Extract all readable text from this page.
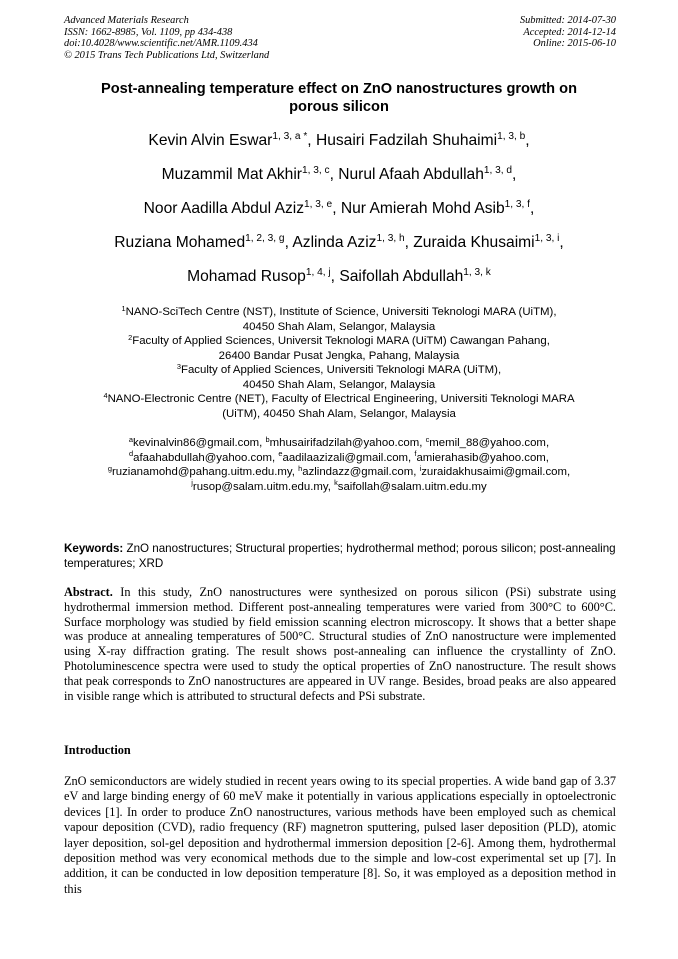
Advanced Materials Research
ISSN: 1662-8985, Vol. 1109, pp 434-438
doi:10.4028/www.scientific.net/AMR.1109.434
© 2015 Trans Tech Publications Ltd, Switzerland
Submitted: 2014-07-30
Accepted: 2014-12-14
Online: 2015-06-10
Post-annealing temperature effect on ZnO nanostructures growth on
porous silicon
Kevin Alvin Eswar$^{1, 3, a *}$, Husairi Fadzilah Shuhaimi$^{1, 3, b}$,
Muzammil Mat Akhir$^{1, 3, c}$, Nurul Afaah Abdullah$^{1, 3, d}$,
Noor Aadilla Abdul Aziz$^{1, 3, e}$, Nur Amierah Mohd Asib$^{1, 3, f}$,
Ruziana Mohamed$^{1, 2, 3, g}$, Azlinda Aziz$^{1, 3, h}$, Zuraida Khusaimi$^{1, 3, i}$,
Mohamad Rusop$^{1, 4, j}$, Saifollah Abdullah$^{1, 3, k}$
$^1$NANO-SciTech Centre (NST), Institute of Science, Universiti Teknologi MARA (UiTM),
40450 Shah Alam, Selangor, Malaysia
$^2$Faculty of Applied Sciences, Universit Teknologi MARA (UiTM) Cawangan Pahang,
26400 Bandar Pusat Jengka, Pahang, Malaysia
$^3$Faculty of Applied Sciences, Universiti Teknologi MARA (UiTM),
40450 Shah Alam, Selangor, Malaysia
$^4$NANO-Electronic Centre (NET), Faculty of Electrical Engineering, Universiti Teknologi MARA
(UiTM), 40450 Shah Alam, Selangor, Malaysia
$^a$kevinalvin86@gmail.com, $^b$mhusairifadzilah@yahoo.com, $^c$memil_88@yahoo.com,
$^d$afaahabdullah@yahoo.com, $^e$aadilaazizali@gmail.com, $^f$amierahasib@yahoo.com,
$^g$ruzianamohd@pahang.uitm.edu.my, $^h$azlindazz@gmail.com, $^i$zuraidakhusaimi@gmail.com,
$^j$rusop@salam.uitm.edu.my, $^k$saifollah@salam.uitm.edu.my
Keywords: ZnO nanostructures; Structural properties; hydrothermal method; porous silicon; post-annealing temperatures; XRD
Abstract. In this study, ZnO nanostructures were synthesized on porous silicon (PSi) substrate using hydrothermal immersion method. Different post-annealing temperatures were varied from 300°C to 600°C. Surface morphology was studied by field emission scanning electron microscopy. It shows that a better shape was produce at annealing temperatures of 500°C. Structural studies of ZnO nanostructure were implemented using X-ray diffraction grating. The result shows post-annealing can influence the crystallinty of ZnO. Photoluminescence spectra were used to study the optical properties of ZnO nanostructure. The result shows that peak corresponds to ZnO nanostructures are appeared in UV range. Besides, broad peaks are also appeared in visible range which is attributed to structural defects and PSi substrate.
Introduction
ZnO semiconductors are widely studied in recent years owing to its special properties. A wide band gap of 3.37 eV and large binding energy of 60 meV make it potentially in various applications especially in optoelectronic devices [1]. In order to produce ZnO nanostructures, various methods have been employed such as chemical vapour deposition (CVD), radio frequency (RF) magnetron sputtering, pulsed laser deposition (PLD), atomic layer deposition, sol-gel deposition and hydrothermal immersion deposition [2-6]. Among them, hydrothermal deposition method was very economical methods due to the simple and low-cost experimental set up [7]. In addition, it can be conducted in low deposition temperature [8]. So, it was employed as a deposition method in this
